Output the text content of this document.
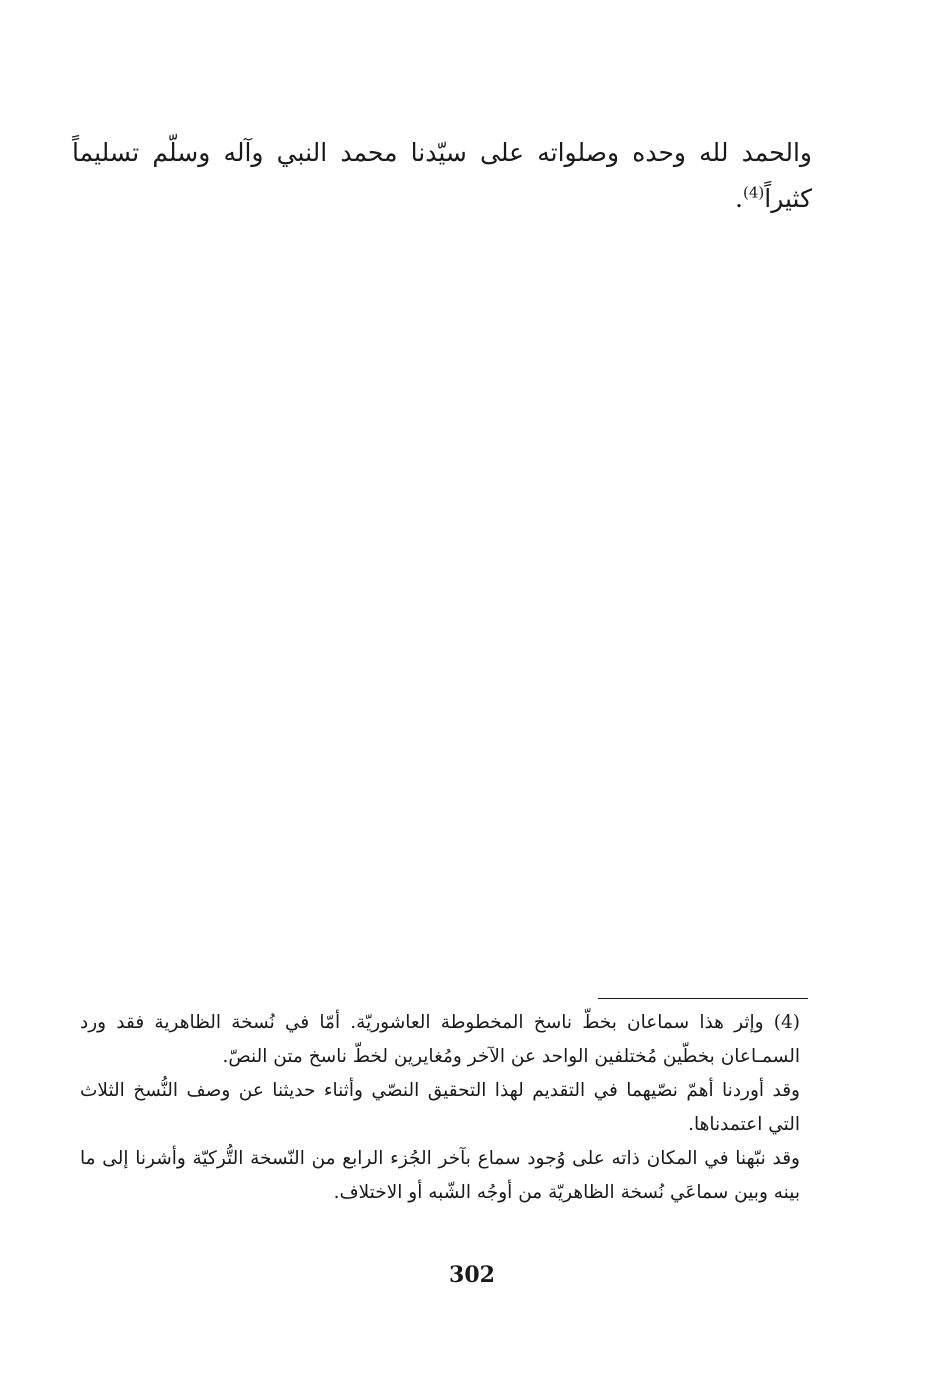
والحمد لله وحده وصلواته على سيّدنا محمد النبي وآله وسلّم تسليماً كثيراً$^{(4)}$.

(4) وإثر هذا سماعان بخطّ ناسخ المخطوطة العاشوريّة. أمّا في نُسخة الظاهرية فقد ورد السمـاعان بخطّين مُختلفين الواحد عن الآخر ومُغايرين لخطّ ناسخ متن النصّ.

وقد أوردنا أهمّ نصّيهما في التقديم لهذا التحقيق النصّي وأثناء حديثنا عن وصف النُّسخ الثلاث التي اعتمدناها.

وقد نبّهنا في المكان ذاته على وُجود سماع بآخر الجُزء الرابع من النّسخة التُّركيّة وأشرنا إلى ما بينه وبين سماعَي نُسخة الظاهريّة من أوجُه الشّبه أو الاختلاف.

302
